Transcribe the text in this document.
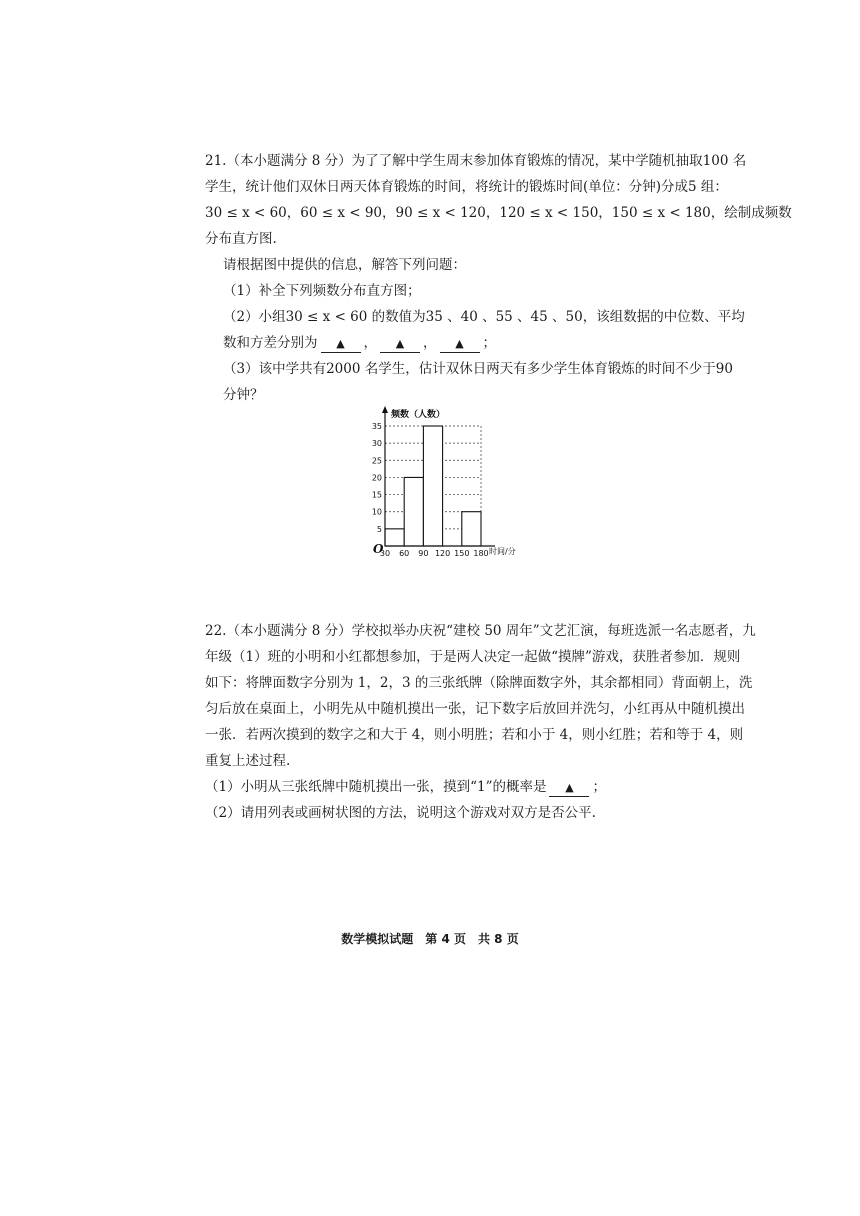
21.（本小题满分 8 分）为了了解中学生周末参加体育锻炼的情况，某中学随机抽取100 名
学生，统计他们双休日两天体育锻炼的时间，将统计的锻炼时间(单位：分钟)分成5 组：
30 ≤ x < 60，60 ≤ x < 90，90 ≤ x < 120，120 ≤ x < 150，150 ≤ x < 180，绘制成频数
分布直方图.
请根据图中提供的信息，解答下列问题：
（1）补全下列频数分布直方图；
（2）小组30 ≤ x < 60 的数值为35 、40 、55 、45 、50，该组数据的中位数、平均
数和方差分别为 ▲ ， ▲ ， ▲ ；
（3）该中学共有2000 名学生，估计双休日两天有多少学生体育锻炼的时间不少于90
分钟？
频数（人数）
时间/分
O
5
10
15
20
25
30
35
30 60 90 120 150 180
22.（本小题满分 8 分）学校拟举办庆祝“建校 50 周年”文艺汇演，每班选派一名志愿者，九
年级（1）班的小明和小红都想参加，于是两人决定一起做“摸牌”游戏，获胜者参加．规则
如下：将牌面数字分别为 1，2，3 的三张纸牌（除牌面数字外，其余都相同）背面朝上，洗
匀后放在桌面上，小明先从中随机摸出一张，记下数字后放回并洗匀，小红再从中随机摸出
一张．若两次摸到的数字之和大于 4，则小明胜；若和小于 4，则小红胜；若和等于 4，则
重复上述过程.
（1）小明从三张纸牌中随机摸出一张，摸到“1”的概率是 ▲ ；
（2）请用列表或画树状图的方法，说明这个游戏对双方是否公平.
数学模拟试题　第 4 页　共 8 页
